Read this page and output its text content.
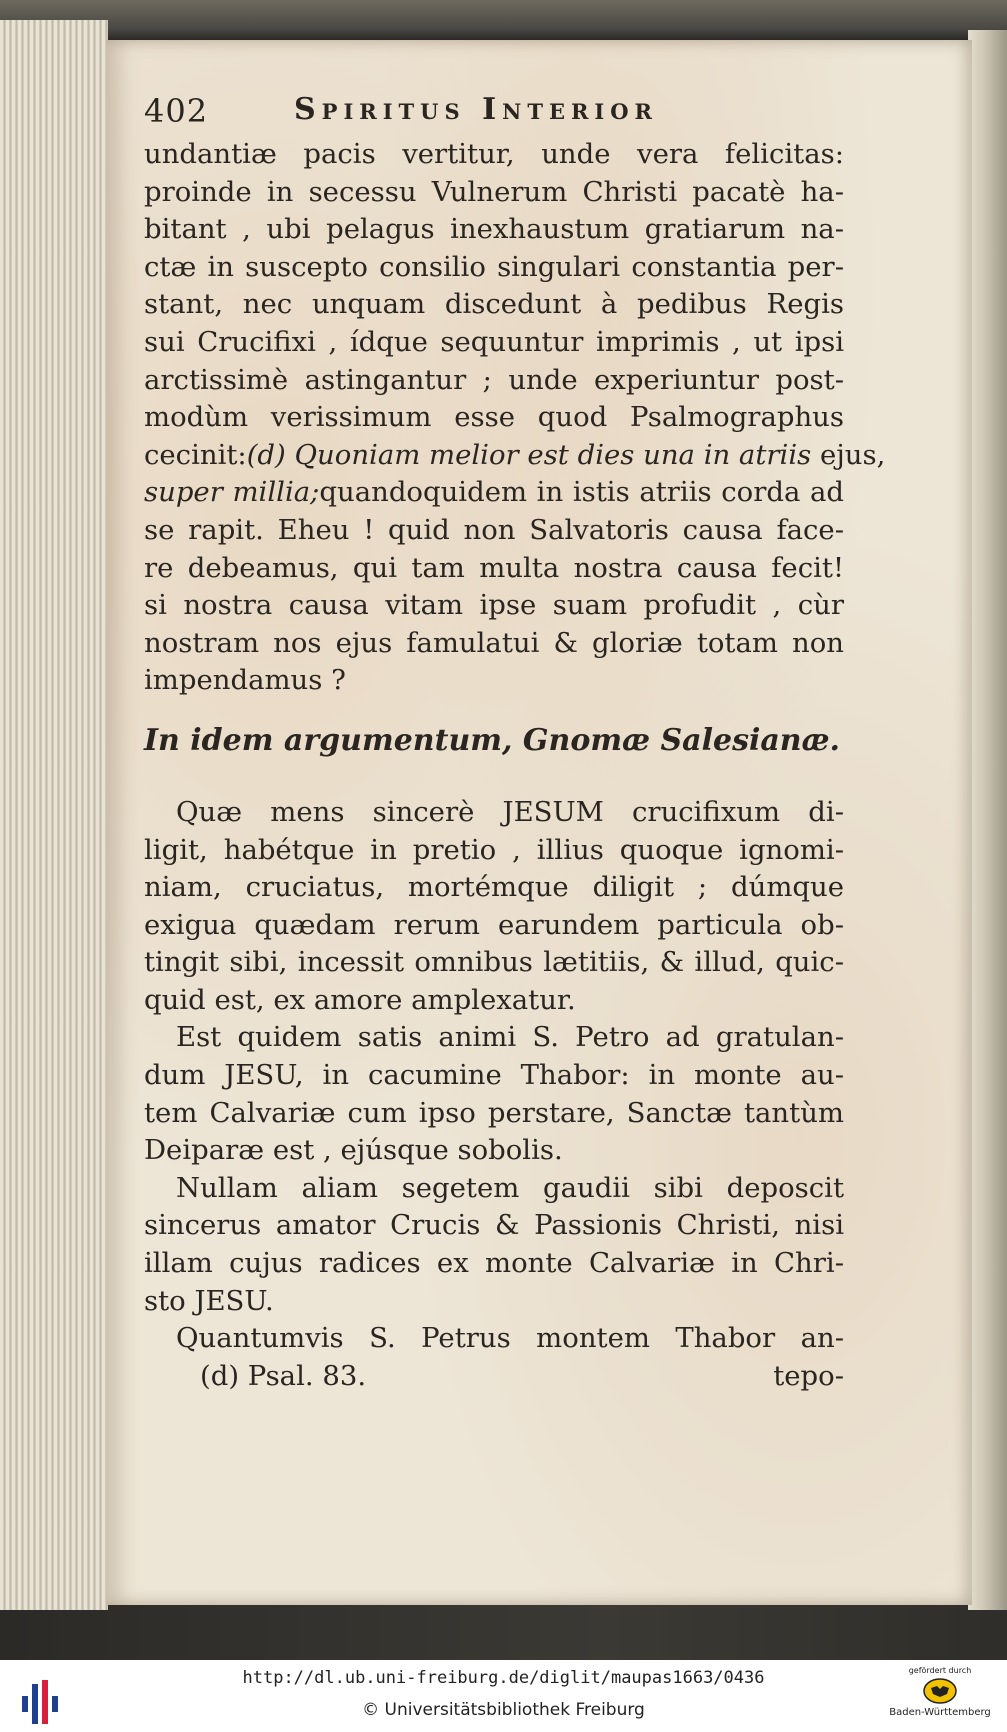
402	Spiritus Interior
undantiæ pacis vertitur, unde vera felicitas:
proinde in secessu Vulnerum Christi pacatè ha-
bitant , ubi pelagus inexhaustum gratiarum na-
ctæ in suscepto consilio singulari constantia per-
stant, nec unquam discedunt à pedibus Regis
sui Crucifixi , ídque sequuntur imprimis , ut ipsi
arctissimè astingantur ; unde experiuntur post-
modùm verissimum esse quod Psalmographus
cecinit:(d) Quoniam melior est dies una in atriis ejus,
super millia;quandoquidem in istis atriis corda ad
se rapit. Eheu ! quid non Salvatoris causa face-
re debeamus, qui tam multa nostra causa fecit!
si nostra causa vitam ipse suam profudit , cùr
nostram nos ejus famulatui & gloriæ totam non
impendamus ?
In idem argumentum, Gnomæ Salesianæ.
Quæ mens sincerè JESUM crucifixum di-
ligit, habétque in pretio , illius quoque ignomi-
niam, cruciatus, mortémque diligit ; dúmque
exigua quædam rerum earundem particula ob-
tingit sibi, incessit omnibus lætitiis, & illud, quic-
quid est, ex amore amplexatur.
Est quidem satis animi S. Petro ad gratulan-
dum JESU, in cacumine Thabor: in monte au-
tem Calvariæ cum ipso perstare, Sanctæ tantùm
Deiparæ est , ejúsque sobolis.
Nullam aliam segetem gaudii sibi deposcit
sincerus amator Crucis & Passionis Christi, nisi
illam cujus radices ex monte Calvariæ in Chri-
sto JESU.
Quantumvis S. Petrus montem Thabor an-
(d) Psal. 83.	tepo-
http://dl.ub.uni-freiburg.de/diglit/maupas1663/0436
© Universitätsbibliothek Freiburg
gefördert durch
Baden-Württemberg
